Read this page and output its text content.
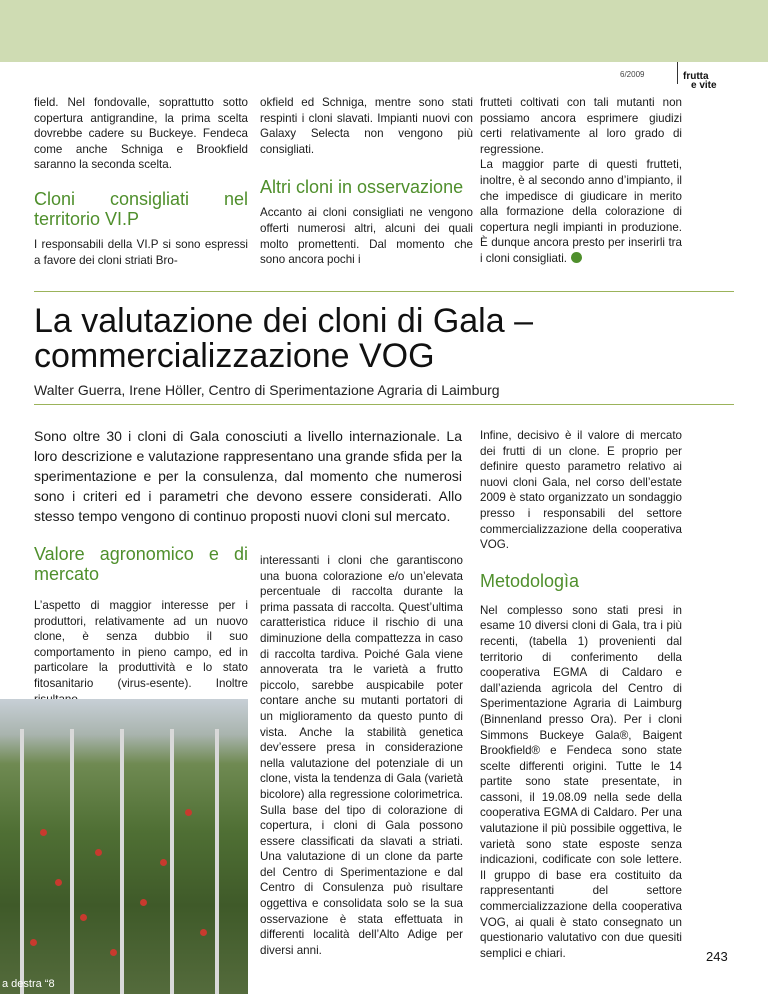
6/2009	frutta
e vite

field. Nel fondovalle, soprattutto sotto copertura antigrandine, la prima scelta dovrebbe cadere su Buckeye. Fendeca come anche Schniga e Brookfield saranno la seconda scelta.

Cloni consigliati nel territorio VI.P

I responsabili della VI.P si sono espressi a favore dei cloni striati Bro-

okfield ed Schniga, mentre sono stati respinti i cloni slavati. Impianti nuovi con Galaxy Selecta non vengono più consigliati.

Altri cloni in osservazione

Accanto ai cloni consigliati ne vengono offerti numerosi altri, alcuni dei quali molto promettenti. Dal momento che sono ancora pochi i

frutteti coltivati con tali mutanti non possiamo ancora esprimere giudizi certi relativamente al loro grado di regressione.

La maggior parte di questi frutteti, inoltre, è al secondo anno d’impianto, il che impedisce di giudicare in merito alla formazione della colorazione di copertura negli impianti in produzione. È dunque ancora presto per inserirli tra i cloni consigliati.

La valutazione dei cloni di Gala – commercializzazione VOG
Walter Guerra, Irene Höller, Centro di Sperimentazione Agraria di Laimburg
Sono oltre 30 i cloni di Gala conosciuti a livello internazionale. La loro descrizione e valutazione rappresentano una grande sfida per la sperimentazione e per la consulenza, dal momento che numerosi sono i criteri ed i parametri che devono essere considerati. Allo stesso tempo vengono di continuo proposti nuovi cloni sul mercato.
Valore agronomico e di mercato

L’aspetto di maggior interesse per i produttori, relativamente ad un nuovo clone, è senza dubbio il suo comportamento in pieno campo, ed in particolare la produttività e lo stato fitosanitario (virus-esente). Inoltre

a destra “8

interessanti i cloni che garantiscono una buona colorazione e/o un’elevata percentuale di raccolta durante la prima passata di raccolta. Quest’ultima caratteristica riduce il rischio di una diminuzione della compattezza in caso di raccolta tardiva. Poiché Gala viene annoverata tra le varietà a frutto piccolo, sarebbe auspicabile poter contare anche su mutanti portatori di un miglioramento da questo punto di vista. Anche la stabilità genetica dev’essere presa in considerazione nella valutazione del potenziale di un clone, vista la tendenza di Gala (varietà bicolore) alla regressione colorimetrica. Sulla base del tipo di colorazione di copertura, i cloni di Gala possono essere classificati da slavati a striati. Una valutazione di un clone da parte del Centro di Sperimentazione e dal Centro di Consulenza può risultare oggettiva e consolidata solo se la sua osservazione è stata effettuata in differenti località dell’Alto Adige per diversi anni.

Infine, decisivo è il valore di mercato dei frutti di un clone. E proprio per definire questo parametro relativo ai nuovi cloni Gala, nel corso dell’estate 2009 è stato organizzato un sondaggio presso i responsabili del settore commercializzazione della cooperativa VOG.

Metodologìa

Nel complesso sono stati presi in esame 10 diversi cloni di Gala, tra i più recenti, (tabella 1) provenienti dal territorio di conferimento della cooperativa EGMA di Caldaro e dall’azienda agricola del Centro di Sperimentazione Agraria di Laimburg (Binnenland presso Ora). Per i cloni Simmons Buckeye Gala®, Baigent Brookfield® e Fendeca sono state scelte differenti origini. Tutte le 14 partite sono state presentate, in cassoni, il 19.08.09 nella sede della cooperativa EGMA di Caldaro. Per una valutazione il più possibile oggettiva, le varietà sono state esposte senza indicazioni, codificate con sole lettere. Il gruppo di base era costituito da rappresentanti del settore commercializzazione della cooperativa VOG, ai quali è stato consegnato un questionario valutativo con due quesiti semplici e chiari.	243
